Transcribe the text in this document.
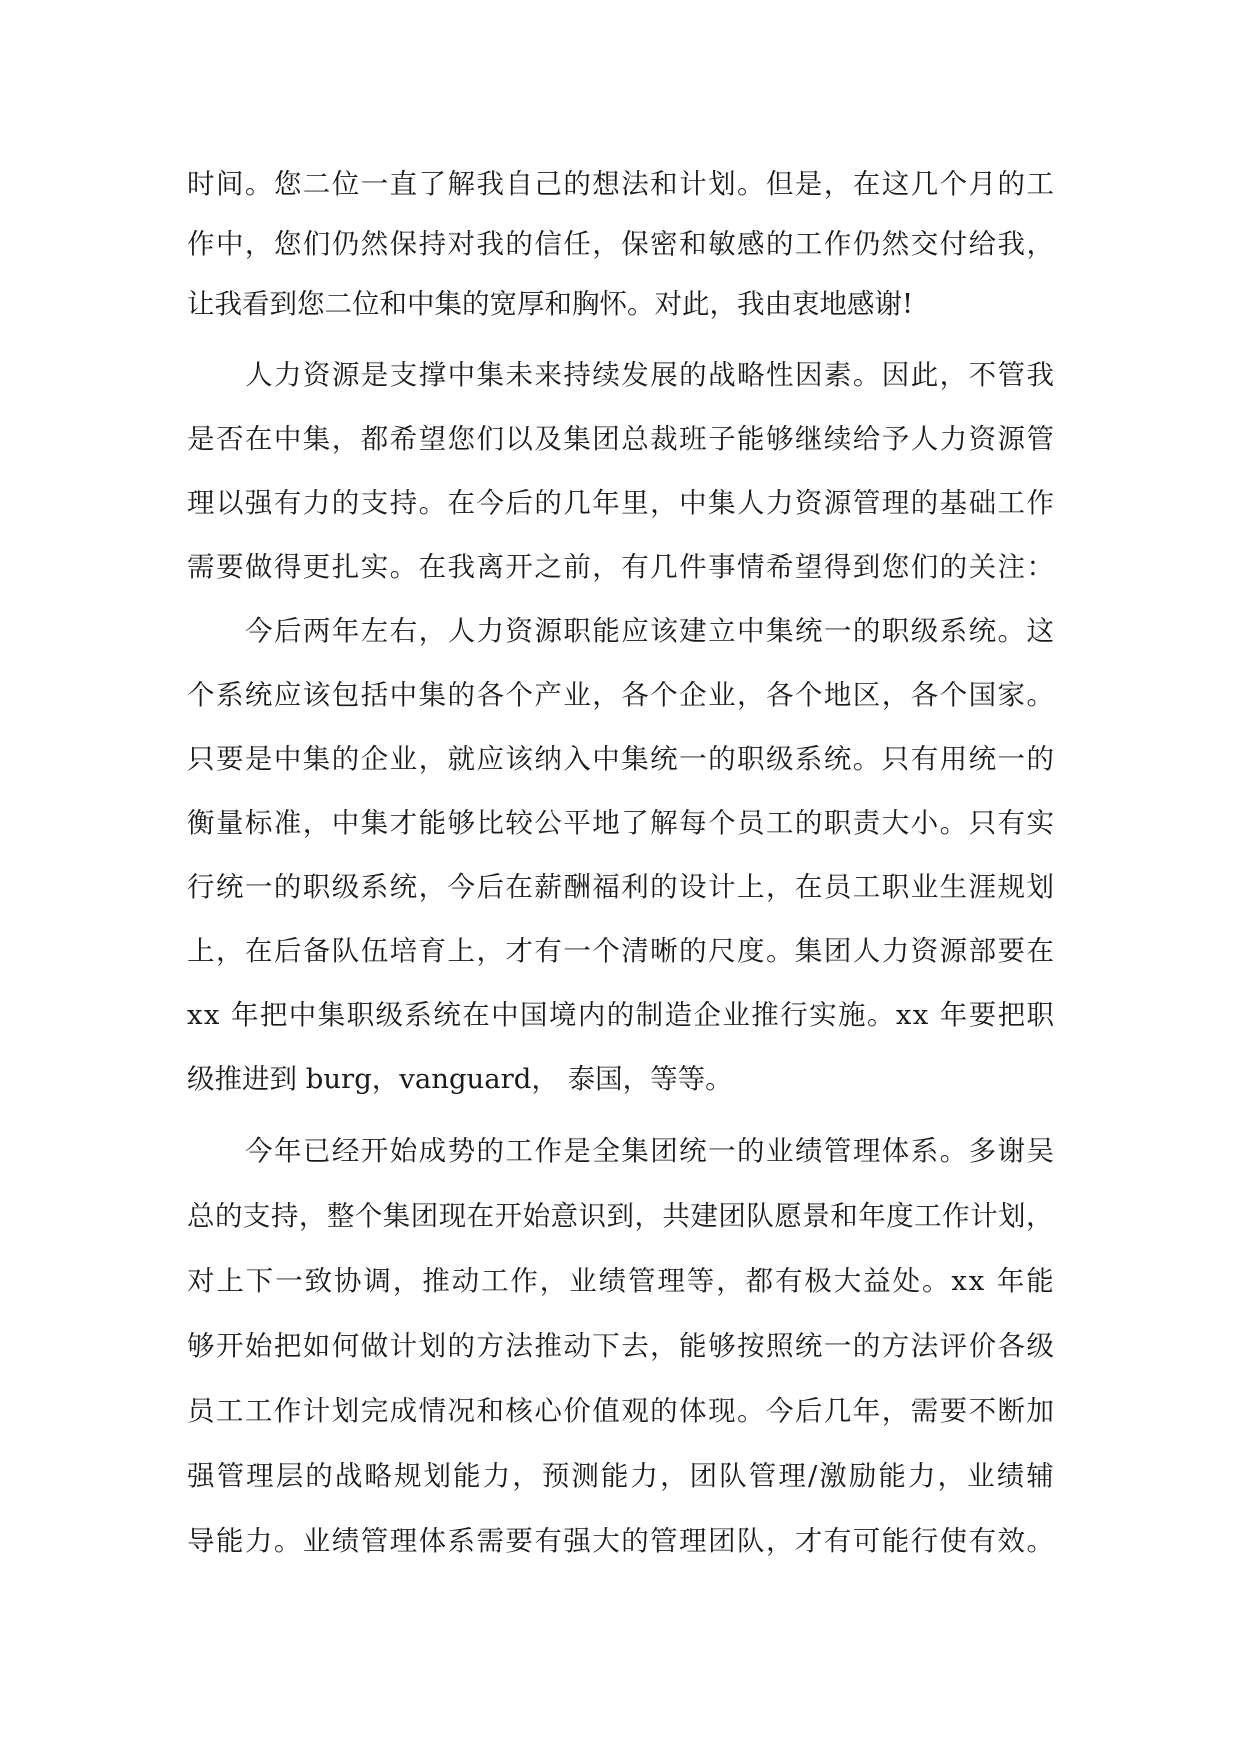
时间。您二位一直了解我自己的想法和计划。但是，在这几个月的工
作中，您们仍然保持对我的信任，保密和敏感的工作仍然交付给我，
让我看到您二位和中集的宽厚和胸怀。对此，我由衷地感谢!
人力资源是支撑中集未来持续发展的战略性因素。因此，不管我
是否在中集，都希望您们以及集团总裁班子能够继续给予人力资源管
理以强有力的支持。在今后的几年里，中集人力资源管理的基础工作
需要做得更扎实。在我离开之前，有几件事情希望得到您们的关注：
今后两年左右，人力资源职能应该建立中集统一的职级系统。这
个系统应该包括中集的各个产业，各个企业，各个地区，各个国家。
只要是中集的企业，就应该纳入中集统一的职级系统。只有用统一的
衡量标准，中集才能够比较公平地了解每个员工的职责大小。只有实
行统一的职级系统，今后在薪酬福利的设计上，在员工职业生涯规划
上，在后备队伍培育上，才有一个清晰的尺度。集团人力资源部要在
xx 年把中集职级系统在中国境内的制造企业推行实施。xx 年要把职
级推进到 burg，vanguard， 泰国，等等。
今年已经开始成势的工作是全集团统一的业绩管理体系。多谢吴
总的支持，整个集团现在开始意识到，共建团队愿景和年度工作计划，
对上下一致协调，推动工作，业绩管理等，都有极大益处。xx 年能
够开始把如何做计划的方法推动下去，能够按照统一的方法评价各级
员工工作计划完成情况和核心价值观的体现。今后几年，需要不断加
强管理层的战略规划能力，预测能力，团队管理/激励能力，业绩辅
导能力。业绩管理体系需要有强大的管理团队，才有可能行使有效。
